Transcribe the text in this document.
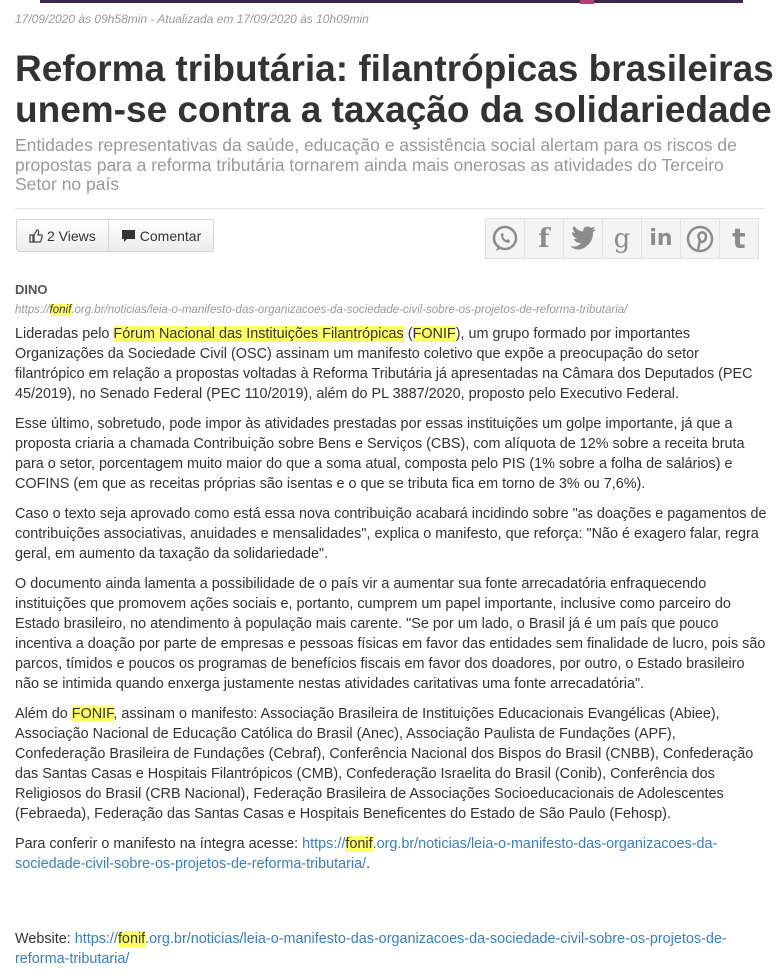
17/09/2020 às 09h58min - Atualizada em 17/09/2020 às 10h09min
Reforma tributária: filantrópicas brasileiras unem-se contra a taxação da solidariedade
Entidades representativas da saúde, educação e assistência social alertam para os riscos de propostas para a reforma tributária tornarem ainda mais onerosas as atividades do Terceiro Setor no país
2 Views	Comentar	f g in t
DINO
https://fonif.org.br/noticias/leia-o-manifesto-das-organizacoes-da-sociedade-civil-sobre-os-projetos-de-reforma-tributaria/

Lideradas pelo Fórum Nacional das Instituições Filantrópicas (FONIF), um grupo formado por importantes Organizações da Sociedade Civil (OSC) assinam um manifesto coletivo que expõe a preocupação do setor filantrópico em relação a propostas voltadas à Reforma Tributária já apresentadas na Câmara dos Deputados (PEC 45/2019), no Senado Federal (PEC 110/2019), além do PL 3887/2020, proposto pelo Executivo Federal.

Esse último, sobretudo, pode impor às atividades prestadas por essas instituições um golpe importante, já que a proposta criaria a chamada Contribuição sobre Bens e Serviços (CBS), com alíquota de 12% sobre a receita bruta para o setor, porcentagem muito maior do que a soma atual, composta pelo PIS (1% sobre a folha de salários) e COFINS (em que as receitas próprias são isentas e o que se tributa fica em torno de 3% ou 7,6%).

Caso o texto seja aprovado como está essa nova contribuição acabará incidindo sobre "as doações e pagamentos de contribuições associativas, anuidades e mensalidades", explica o manifesto, que reforça: "Não é exagero falar, regra geral, em aumento da taxação da solidariedade".

O documento ainda lamenta a possibilidade de o país vir a aumentar sua fonte arrecadatória enfraquecendo instituições que promovem ações sociais e, portanto, cumprem um papel importante, inclusive como parceiro do Estado brasileiro, no atendimento à população mais carente. "Se por um lado, o Brasil já é um país que pouco incentiva a doação por parte de empresas e pessoas físicas em favor das entidades sem finalidade de lucro, pois são parcos, tímidos e poucos os programas de benefícios fiscais em favor dos doadores, por outro, o Estado brasileiro não se intimida quando enxerga justamente nestas atividades caritativas uma fonte arrecadatória".

Além do FONIF, assinam o manifesto: Associação Brasileira de Instituições Educacionais Evangélicas (Abiee), Associação Nacional de Educação Católica do Brasil (Anec), Associação Paulista de Fundações (APF), Confederação Brasileira de Fundações (Cebraf), Conferência Nacional dos Bispos do Brasil (CNBB), Confederação das Santas Casas e Hospitais Filantrópicos (CMB), Confederação Israelita do Brasil (Conib), Conferência dos Religiosos do Brasil (CRB Nacional), Federação Brasileira de Associações Socioeducacionais de Adolescentes (Febraeda), Federação das Santas Casas e Hospitais Beneficentes do Estado de São Paulo (Fehosp).

Para conferir o manifesto na íntegra acesse: https://fonif.org.br/noticias/leia-o-manifesto-das-organizacoes-da-sociedade-civil-sobre-os-projetos-de-reforma-tributaria/.

Website: https://fonif.org.br/noticias/leia-o-manifesto-das-organizacoes-da-sociedade-civil-sobre-os-projetos-de-reforma-tributaria/
